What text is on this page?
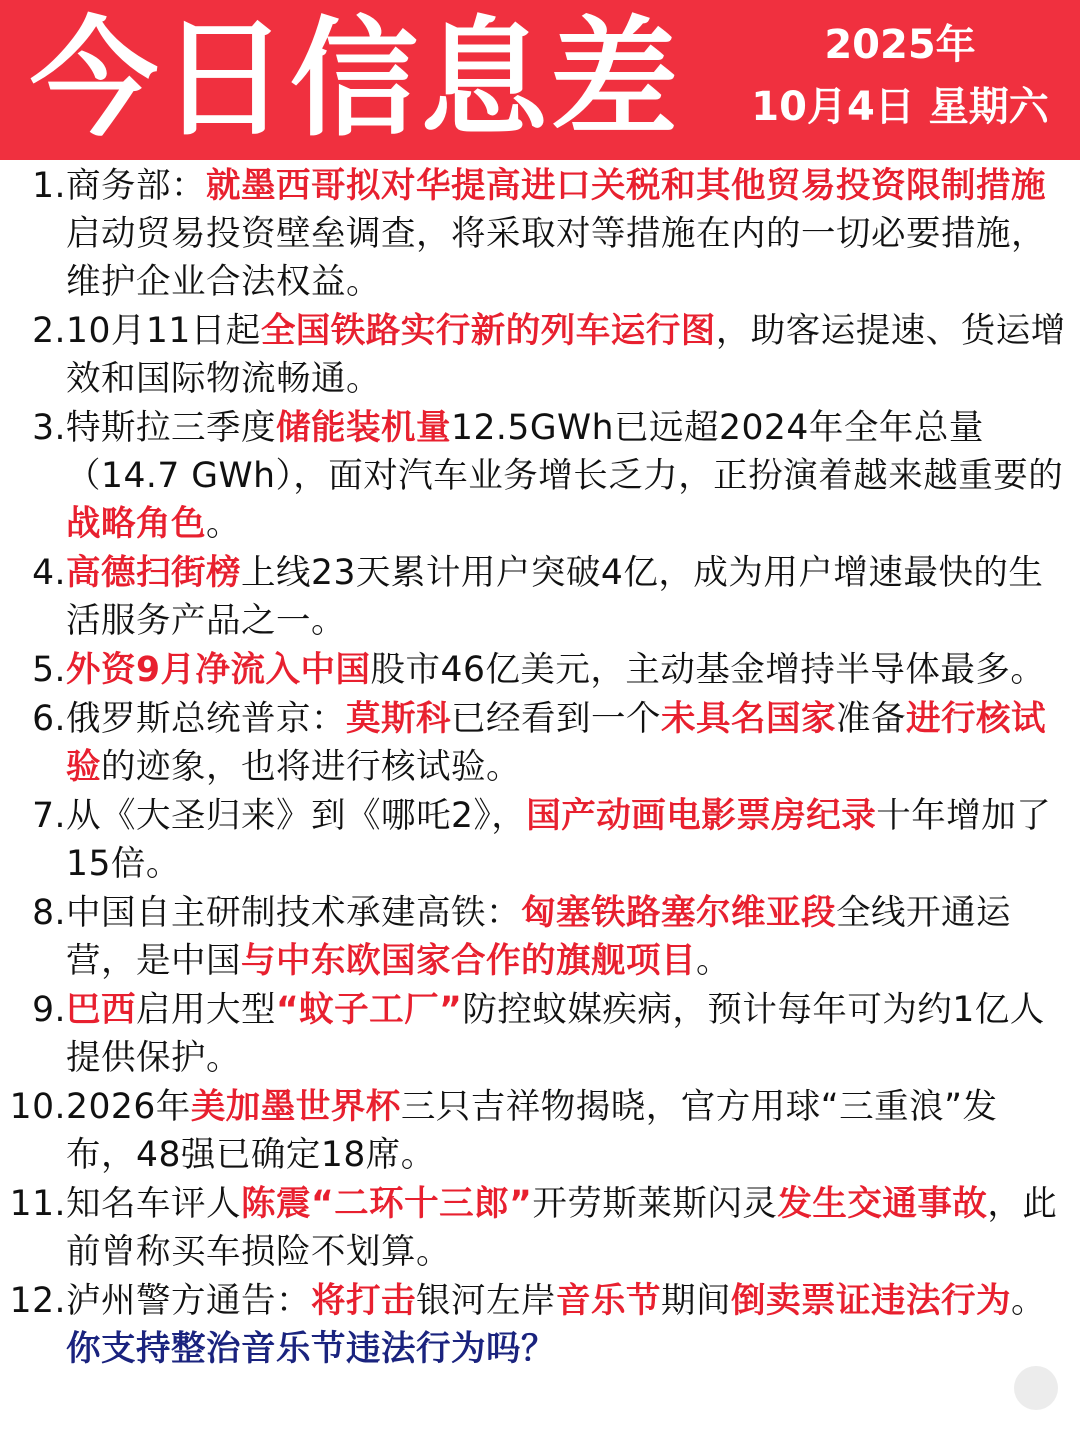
今日信息差	2025年
10月4日 星期六
1. 商务部：就墨西哥拟对华提高进口关税和其他贸易投资限制措施启动贸易投资壁垒调查，将采取对等措施在内的一切必要措施，维护企业合法权益。
2. 10月11日起全国铁路实行新的列车运行图，助客运提速、货运增效和国际物流畅通。
3. 特斯拉三季度储能装机量12.5GWh已远超2024年全年总量（14.7 GWh），面对汽车业务增长乏力，正扮演着越来越重要的战略角色。
4. 高德扫街榜上线23天累计用户突破4亿，成为用户增速最快的生活服务产品之一。
5. 外资9月净流入中国股市46亿美元，主动基金增持半导体最多。
6. 俄罗斯总统普京：莫斯科已经看到一个未具名国家准备进行核试验的迹象，也将进行核试验。
7. 从《大圣归来》到《哪吒2》，国产动画电影票房纪录十年增加了15倍。
8. 中国自主研制技术承建高铁：匈塞铁路塞尔维亚段全线开通运营，是中国与中东欧国家合作的旗舰项目。
9. 巴西启用大型“蚊子工厂”防控蚊媒疾病，预计每年可为约1亿人提供保护。
10. 2026年美加墨世界杯三只吉祥物揭晓，官方用球“三重浪”发布，48强已确定18席。
11. 知名车评人陈震“二环十三郎”开劳斯莱斯闪灵发生交通事故，此前曾称买车损险不划算。
12. 泸州警方通告：将打击银河左岸音乐节期间倒卖票证违法行为。你支持整治音乐节违法行为吗？
